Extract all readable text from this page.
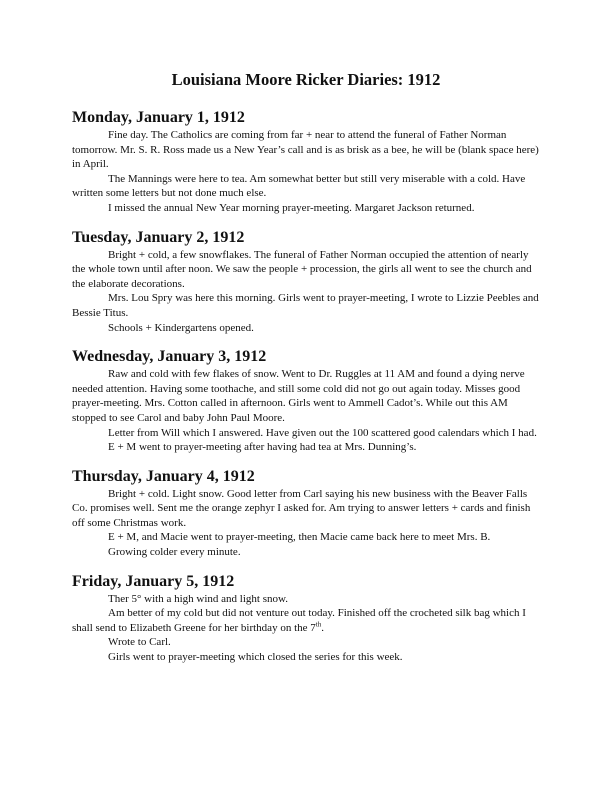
Louisiana Moore Ricker Diaries: 1912
Monday, January 1, 1912

Fine day. The Catholics are coming from far + near to attend the funeral of Father Norman tomorrow. Mr. S. R. Ross made us a New Year’s call and is as brisk as a bee, he will be (blank space here) in April.

The Mannings were here to tea. Am somewhat better but still very miserable with a cold. Have written some letters but not done much else.

I missed the annual New Year morning prayer-meeting. Margaret Jackson returned.

Tuesday, January 2, 1912

Bright + cold, a few snowflakes. The funeral of Father Norman occupied the attention of nearly the whole town until after noon. We saw the people + procession, the girls all went to see the church and the elaborate decorations.

Mrs. Lou Spry was here this morning. Girls went to prayer-meeting, I wrote to Lizzie Peebles and Bessie Titus.

Schools + Kindergartens opened.

Wednesday, January 3, 1912

Raw and cold with few flakes of snow. Went to Dr. Ruggles at 11 AM and found a dying nerve needed attention. Having some toothache, and still some cold did not go out again today. Misses good prayer-meeting. Mrs. Cotton called in afternoon. Girls went to Ammell Cadot’s. While out this AM stopped to see Carol and baby John Paul Moore.

Letter from Will which I answered. Have given out the 100 scattered good calendars which I had.

E + M went to prayer-meeting after having had tea at Mrs. Dunning’s.

Thursday, January 4, 1912

Bright + cold. Light snow. Good letter from Carl saying his new business with the Beaver Falls Co. promises well. Sent me the orange zephyr I asked for. Am trying to answer letters + cards and finish off some Christmas work.

E + M, and Macie went to prayer-meeting, then Macie came back here to meet Mrs. B.

Growing colder every minute.

Friday, January 5, 1912

Ther 5° with a high wind and light snow.

Am better of my cold but did not venture out today. Finished off the crocheted silk bag which I shall send to Elizabeth Greene for her birthday on the 7th.

Wrote to Carl.

Girls went to prayer-meeting which closed the series for this week.
